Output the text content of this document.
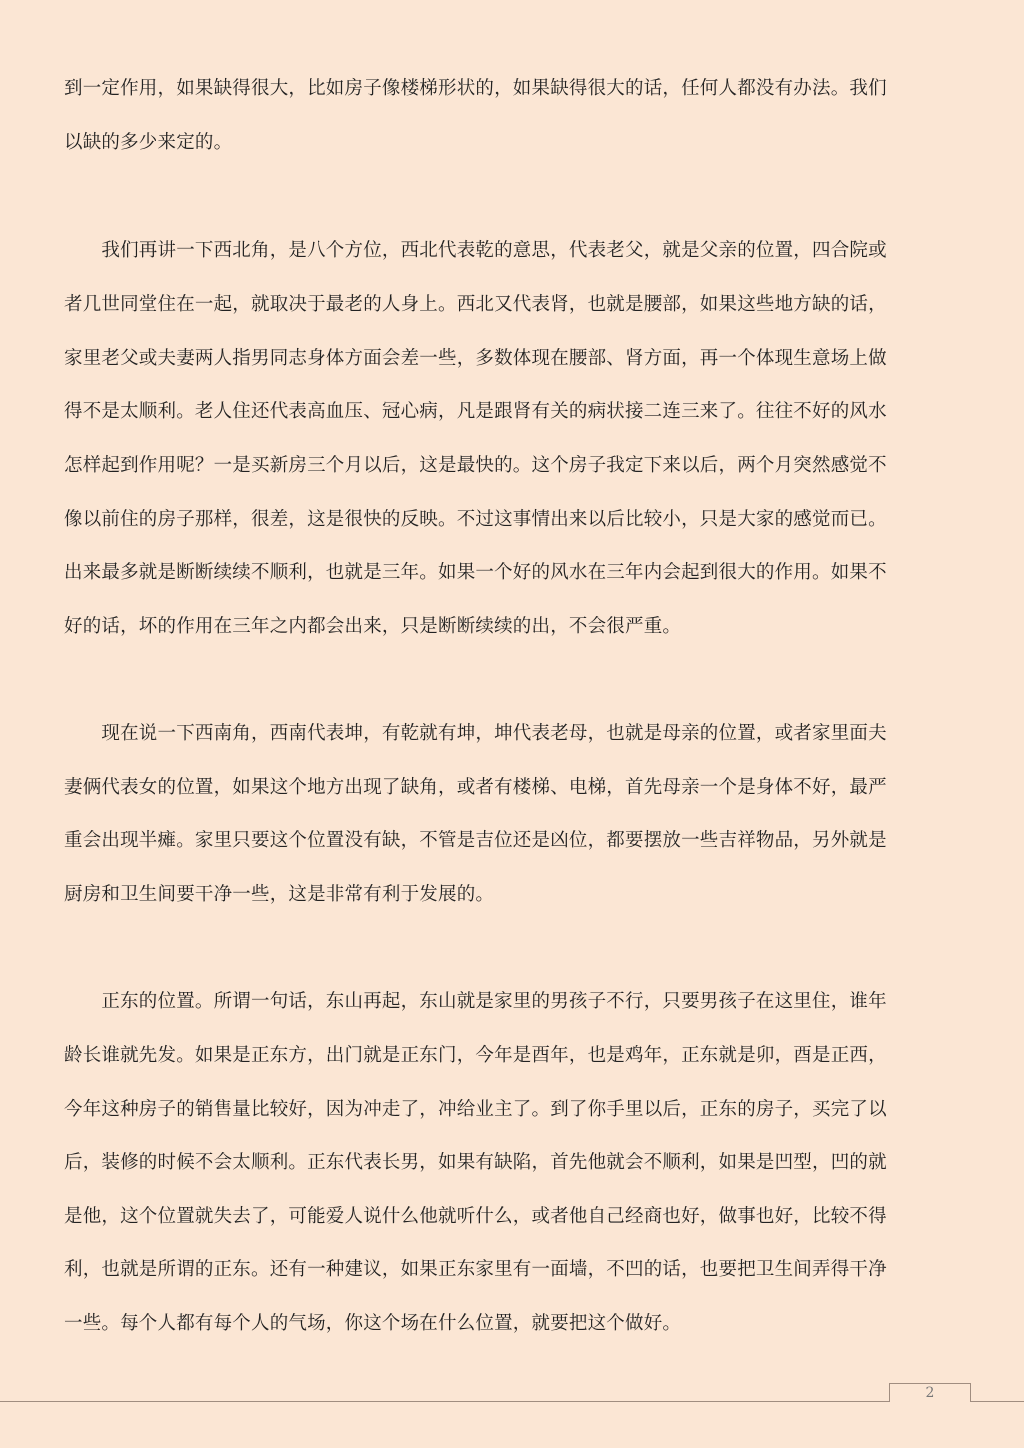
到一定作用，如果缺得很大，比如房子像楼梯形状的，如果缺得很大的话，任何人都没有办法。我们
以缺的多少来定的。
　　我们再讲一下西北角，是八个方位，西北代表乾的意思，代表老父，就是父亲的位置，四合院或
者几世同堂住在一起，就取决于最老的人身上。西北又代表肾，也就是腰部，如果这些地方缺的话，
家里老父或夫妻两人指男同志身体方面会差一些，多数体现在腰部、肾方面，再一个体现生意场上做
得不是太顺利。老人住还代表高血压、冠心病，凡是跟肾有关的病状接二连三来了。往往不好的风水
怎样起到作用呢？一是买新房三个月以后，这是最快的。这个房子我定下来以后，两个月突然感觉不
像以前住的房子那样，很差，这是很快的反映。不过这事情出来以后比较小，只是大家的感觉而已。
出来最多就是断断续续不顺利，也就是三年。如果一个好的风水在三年内会起到很大的作用。如果不
好的话，坏的作用在三年之内都会出来，只是断断续续的出，不会很严重。
　　现在说一下西南角，西南代表坤，有乾就有坤，坤代表老母，也就是母亲的位置，或者家里面夫
妻俩代表女的位置，如果这个地方出现了缺角，或者有楼梯、电梯，首先母亲一个是身体不好，最严
重会出现半瘫。家里只要这个位置没有缺，不管是吉位还是凶位，都要摆放一些吉祥物品，另外就是
厨房和卫生间要干净一些，这是非常有利于发展的。
　　正东的位置。所谓一句话，东山再起，东山就是家里的男孩子不行，只要男孩子在这里住，谁年
龄长谁就先发。如果是正东方，出门就是正东门，今年是酉年，也是鸡年，正东就是卯，酉是正西，
今年这种房子的销售量比较好，因为冲走了，冲给业主了。到了你手里以后，正东的房子，买完了以
后，装修的时候不会太顺利。正东代表长男，如果有缺陷，首先他就会不顺利，如果是凹型，凹的就
是他，这个位置就失去了，可能爱人说什么他就听什么，或者他自己经商也好，做事也好，比较不得
利，也就是所谓的正东。还有一种建议，如果正东家里有一面墙，不凹的话，也要把卫生间弄得干净
一些。每个人都有每个人的气场，你这个场在什么位置，就要把这个做好。
2
